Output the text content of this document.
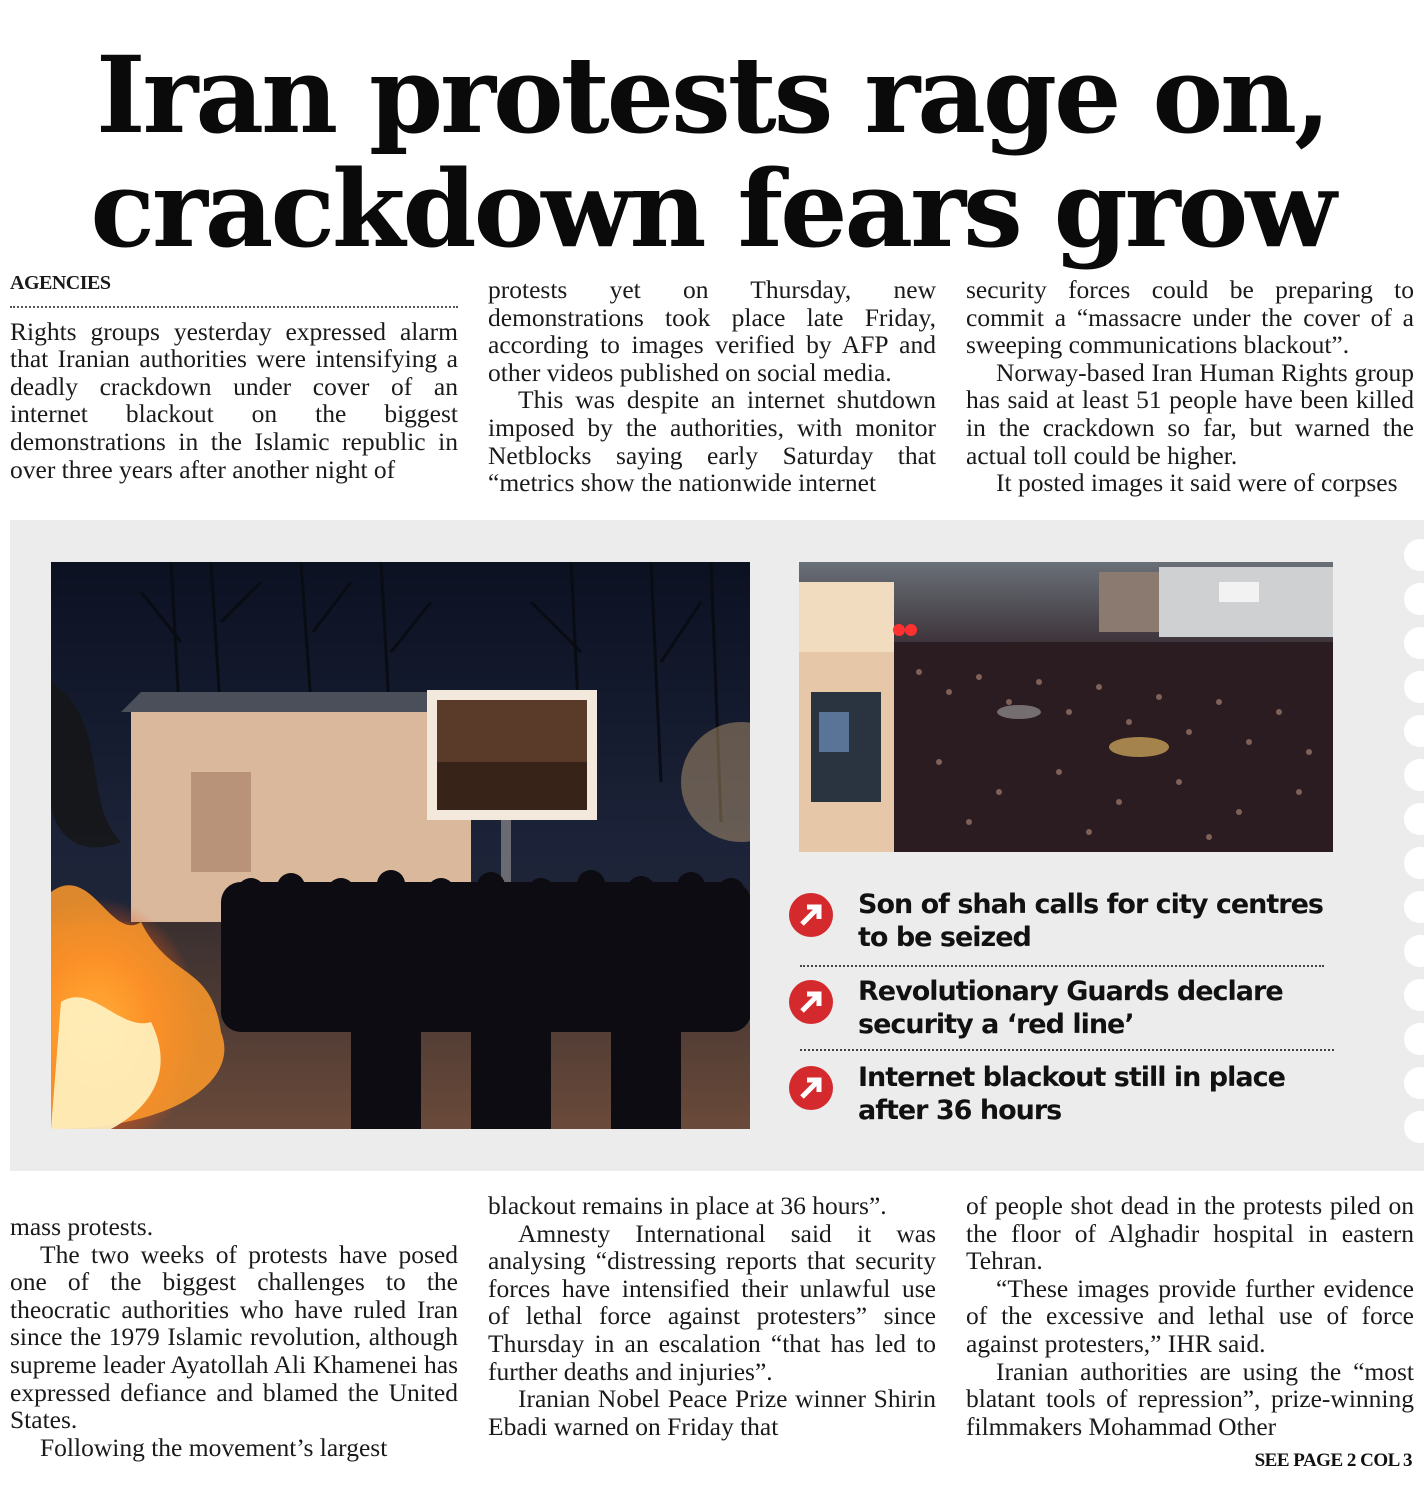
Iran protests rage on,
crackdown fears grow
AGENCIES

Rights groups yesterday expressed alarm that Iranian authorities were intensifying a deadly crackdown under cover of an internet blackout on the biggest demonstrations in the Islamic republic in over three years after another night of

protests yet on Thursday, new demonstrations took place late Friday, according to images verified by AFP and other videos published on social media.

This was despite an internet shutdown imposed by the authorities, with monitor Netblocks saying early Saturday that “metrics show the nationwide internet

security forces could be preparing to commit a “massacre under the cover of a sweeping communications blackout”.

Norway-based Iran Human Rights group has said at least 51 people have been killed in the crackdown so far, but warned the actual toll could be higher.

It posted images it said were of corpses

Son of shah calls for city centres to be seized
Revolutionary Guards declare security a ‘red line’
Internet blackout still in place after 36 hours

mass protests.

The two weeks of protests have posed one of the biggest challenges to the theocratic authorities who have ruled Iran since the 1979 Islamic revolution, although supreme leader Ayatollah Ali Khamenei has expressed defiance and blamed the United States.

Following the movement’s largest

blackout remains in place at 36 hours”.

Amnesty International said it was analysing “distressing reports that security forces have intensified their unlawful use of lethal force against protesters” since Thursday in an escalation “that has led to further deaths and injuries”.

Iranian Nobel Peace Prize winner Shirin Ebadi warned on Friday that

of people shot dead in the protests piled on the floor of Alghadir hospital in eastern Tehran.

“These images provide further evidence of the excessive and lethal use of force against protesters,” IHR said.

Iranian authorities are using the “most blatant tools of repression”, prize-winning filmmakers Mohammad Other

SEE PAGE 2 COL 3
